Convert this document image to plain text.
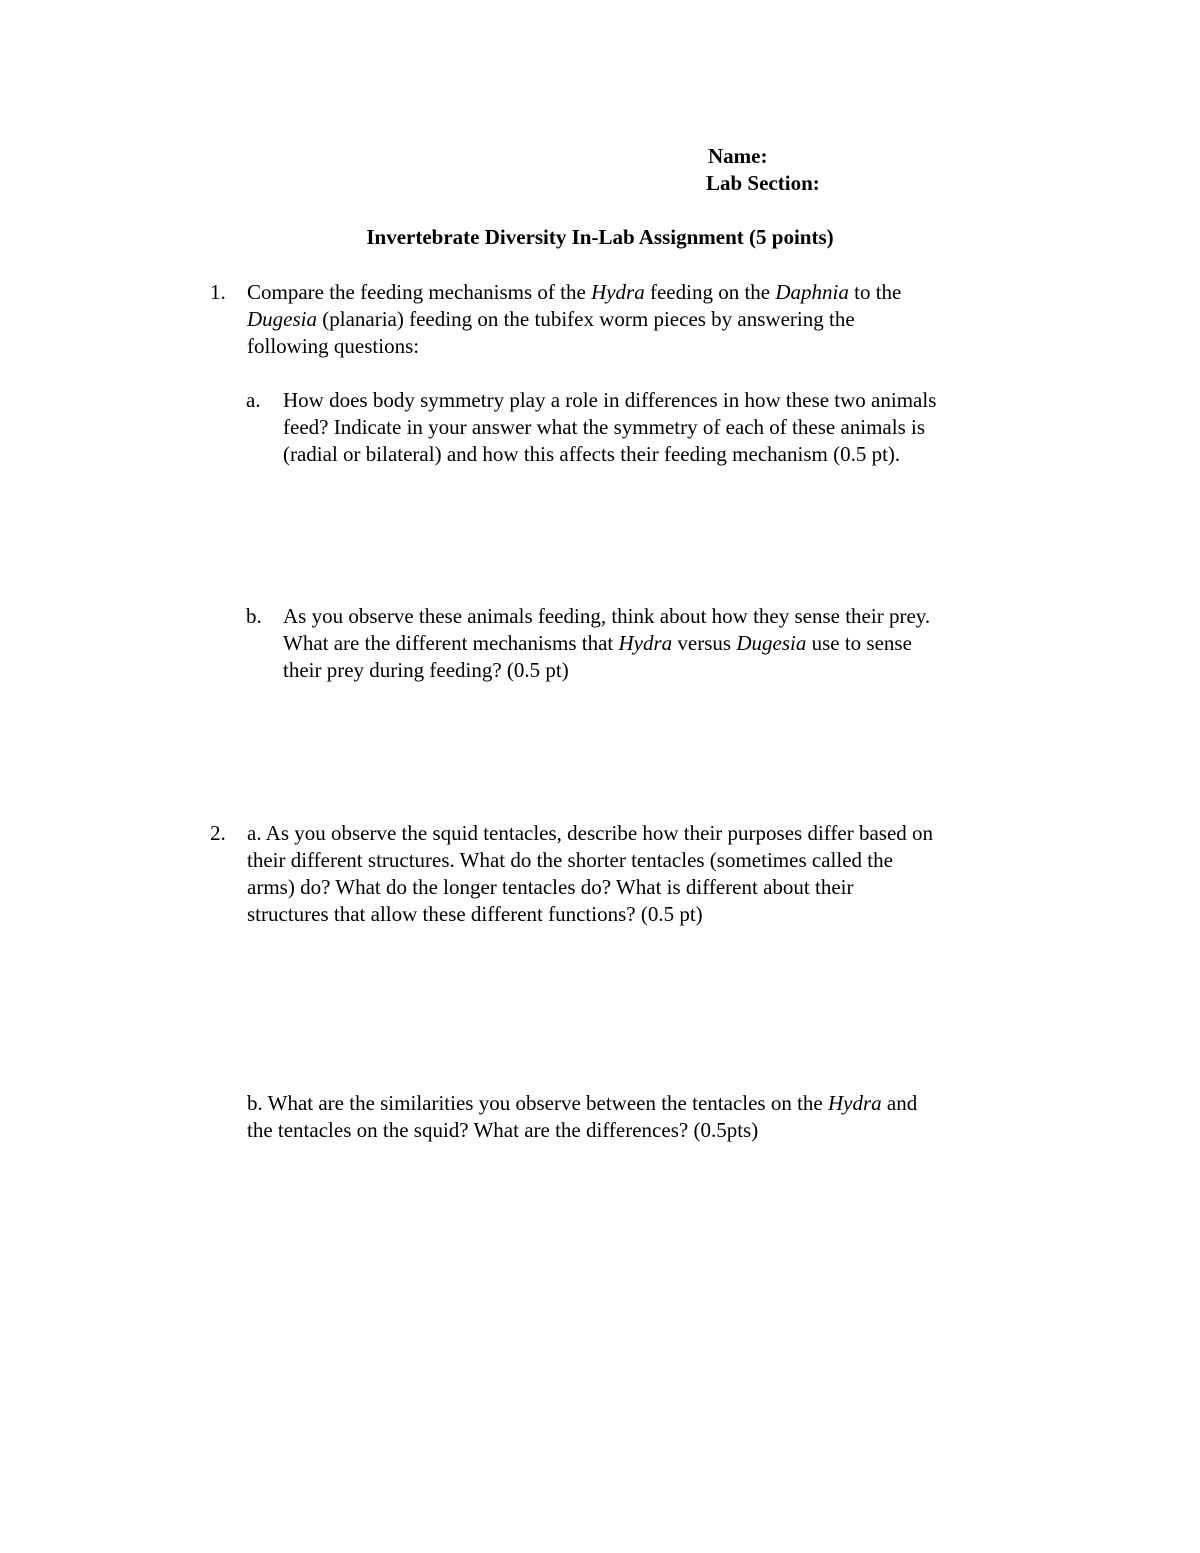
Name:
Lab Section:
Invertebrate Diversity In-Lab Assignment (5 points)
1. Compare the feeding mechanisms of the Hydra feeding on the Daphnia to the
Dugesia (planaria) feeding on the tubifex worm pieces by answering the
following questions:
a. How does body symmetry play a role in differences in how these two animals
feed? Indicate in your answer what the symmetry of each of these animals is
(radial or bilateral) and how this affects their feeding mechanism (0.5 pt).
b. As you observe these animals feeding, think about how they sense their prey.
What are the different mechanisms that Hydra versus Dugesia use to sense
their prey during feeding? (0.5 pt)
2. a. As you observe the squid tentacles, describe how their purposes differ based on
their different structures. What do the shorter tentacles (sometimes called the
arms) do? What do the longer tentacles do? What is different about their
structures that allow these different functions? (0.5 pt)
b. What are the similarities you observe between the tentacles on the Hydra and
the tentacles on the squid? What are the differences? (0.5pts)
